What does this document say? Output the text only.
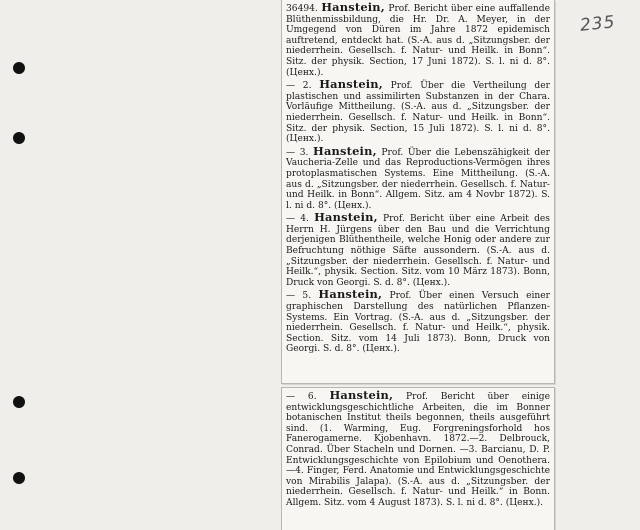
235

36494. Hanstein, Prof. Bericht über eine auffallende Blüthenmissbildung, die Hr. Dr. A. Meyer, in der Umgegend von Düren im Jahre 1872 epidemisch auftretend, entdeckt hat. (S.-A. aus d. „Sitzungsber. der niederrhein. Gesellsch. f. Natur- und Heilk. in Bonn“. Sitz. der physik. Section, 17 Juni 1872). S. l. ni d. 8°. (Ценх.).

— 2. Hanstein, Prof. Über die Vertheilung der plastischen und assimilirten Substanzen in der Chara. Vorläufige Mittheilung. (S.-A. aus d. „Sitzungsber. der niederrhein. Gesellsch. f. Natur- und Heilk. in Bonn“. Sitz. der physik. Section, 15 Juli 1872). S. l. ni d. 8°. (Ценх.).

— 3. Hanstein, Prof. Über die Lebenszähigkeit der Vaucheria-Zelle und das Reproductions-Vermögen ihres protoplasmatischen Systems. Eine Mittheilung. (S.-A. aus d. „Sitzungsber. der niederrhein. Gesellsch. f. Natur- und Heilk. in Bonn“. Allgem. Sitz. am 4 Novbr 1872). S. l. ni d. 8°. (Ценх.).

— 4. Hanstein, Prof. Bericht über eine Arbeit des Herrn H. Jürgens über den Bau und die Verrichtung derjenigen Blüthentheile, welche Honig oder andere zur Befruchtung nöthige Säfte aussondern. (S.-A. aus d. „Sitzungsber. der niederrhein. Gesellsch. f. Natur- und Heilk.“, physik. Section. Sitz. vom 10 März 1873). Bonn, Druck von Georgi. S. d. 8°. (Ценх.).

— 5. Hanstein, Prof. Über einen Versuch einer graphischen Darstellung des natürlichen Pflanzen-Systems. Ein Vortrag. (S.-A. aus d. „Sitzungsber. der niederrhein. Gesellsch. f. Natur- und Heilk.“, physik. Section. Sitz. vom 14 Juli 1873). Bonn, Druck von Georgi. S. d. 8°. (Ценх.).

— 6. Hanstein, Prof. Bericht über einige entwicklungsgeschichtliche Arbeiten, die im Bonner botanischen Institut theils begonnen, theils ausgeführt sind. (1. Warming, Eug. Forgreningsforhold hos Fanerogamerne. Kjobenhavn. 1872.—2. Delbrouck, Conrad. Über Stacheln und Dornen. —3. Barcianu, D. P. Entwicklungsgeschichte von Epilobium und Oenothera.—4. Finger, Ferd. Anatomie und Entwicklungsgeschichte von Mirabilis Jalapa). (S.-A. aus d. „Sitzungsber. der niederrhein. Gesellsch. f. Natur- und Heilk.“ in Bonn. Allgem. Sitz. vom 4 August 1873). S. l. ni d. 8°. (Ценх.).
